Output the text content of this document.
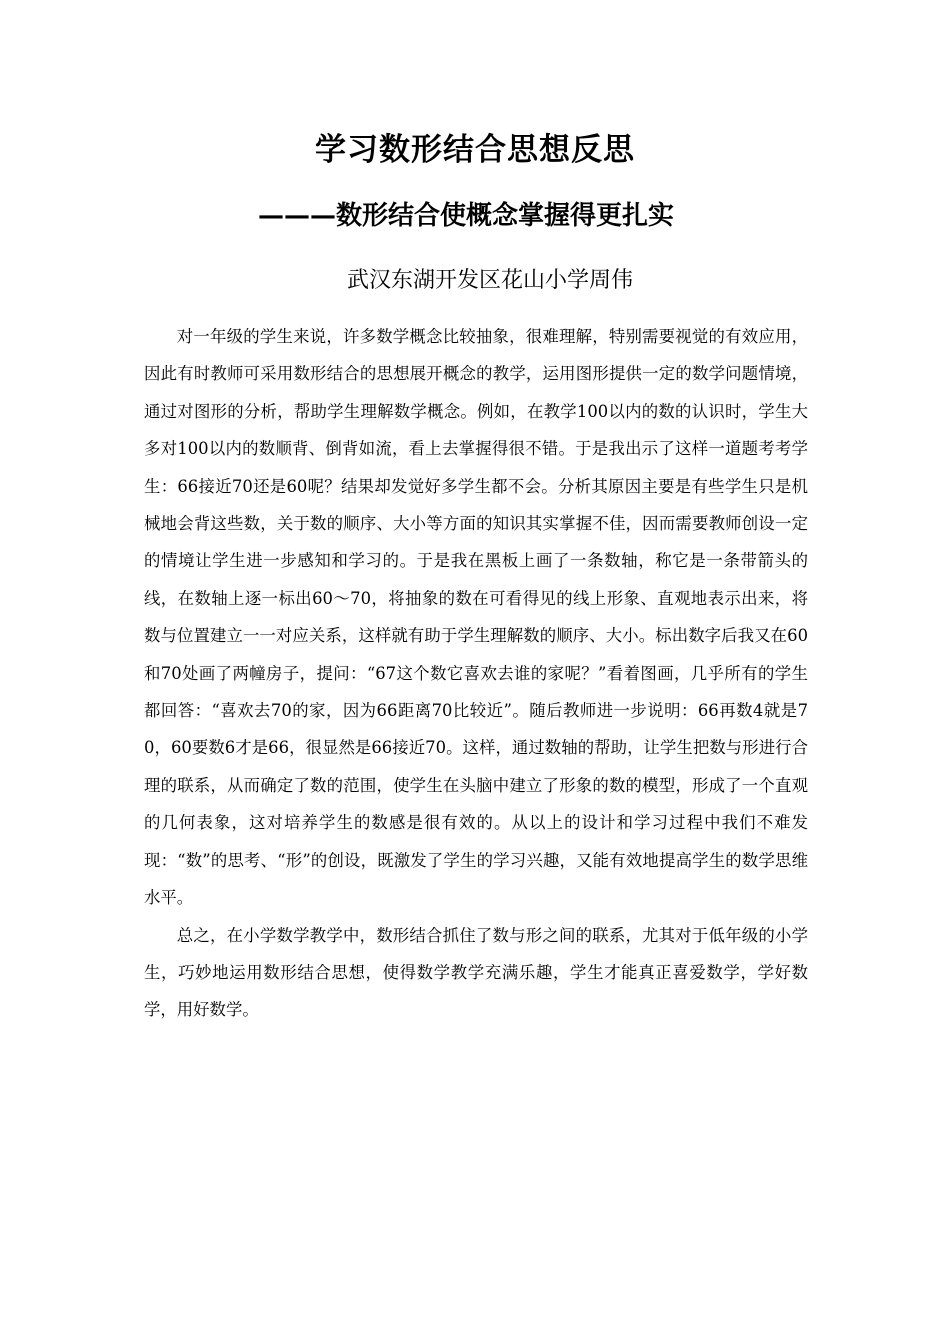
学习数形结合思想反思
———数形结合使概念掌握得更扎实
武汉东湖开发区花山小学周伟

对一年级的学生来说，许多数学概念比较抽象，很难理解，特别需要视觉的有效应用，因此有时教师可采用数形结合的思想展开概念的教学，运用图形提供一定的数学问题情境，通过对图形的分析，帮助学生理解数学概念。例如，在教学100以内的数的认识时，学生大多对100以内的数顺背、倒背如流，看上去掌握得很不错。于是我出示了这样一道题考考学生：66接近70还是60呢？结果却发觉好多学生都不会。分析其原因主要是有些学生只是机械地会背这些数，关于数的顺序、大小等方面的知识其实掌握不佳，因而需要教师创设一定的情境让学生进一步感知和学习的。于是我在黑板上画了一条数轴，称它是一条带箭头的线，在数轴上逐一标出60～70，将抽象的数在可看得见的线上形象、直观地表示出来，将数与位置建立一一对应关系，这样就有助于学生理解数的顺序、大小。标出数字后我又在60和70处画了两幢房子，提问：“67这个数它喜欢去谁的家呢？”看着图画，几乎所有的学生都回答：“喜欢去70的家，因为66距离70比较近”。随后教师进一步说明：66再数4就是70，60要数6才是66，很显然是66接近70。这样，通过数轴的帮助，让学生把数与形进行合理的联系，从而确定了数的范围，使学生在头脑中建立了形象的数的模型，形成了一个直观的几何表象，这对培养学生的数感是很有效的。从以上的设计和学习过程中我们不难发现：“数”的思考、“形”的创设，既激发了学生的学习兴趣，又能有效地提高学生的数学思维水平。

总之，在小学数学教学中，数形结合抓住了数与形之间的联系，尤其对于低年级的小学生，巧妙地运用数形结合思想，使得数学教学充满乐趣，学生才能真正喜爱数学，学好数学，用好数学。
